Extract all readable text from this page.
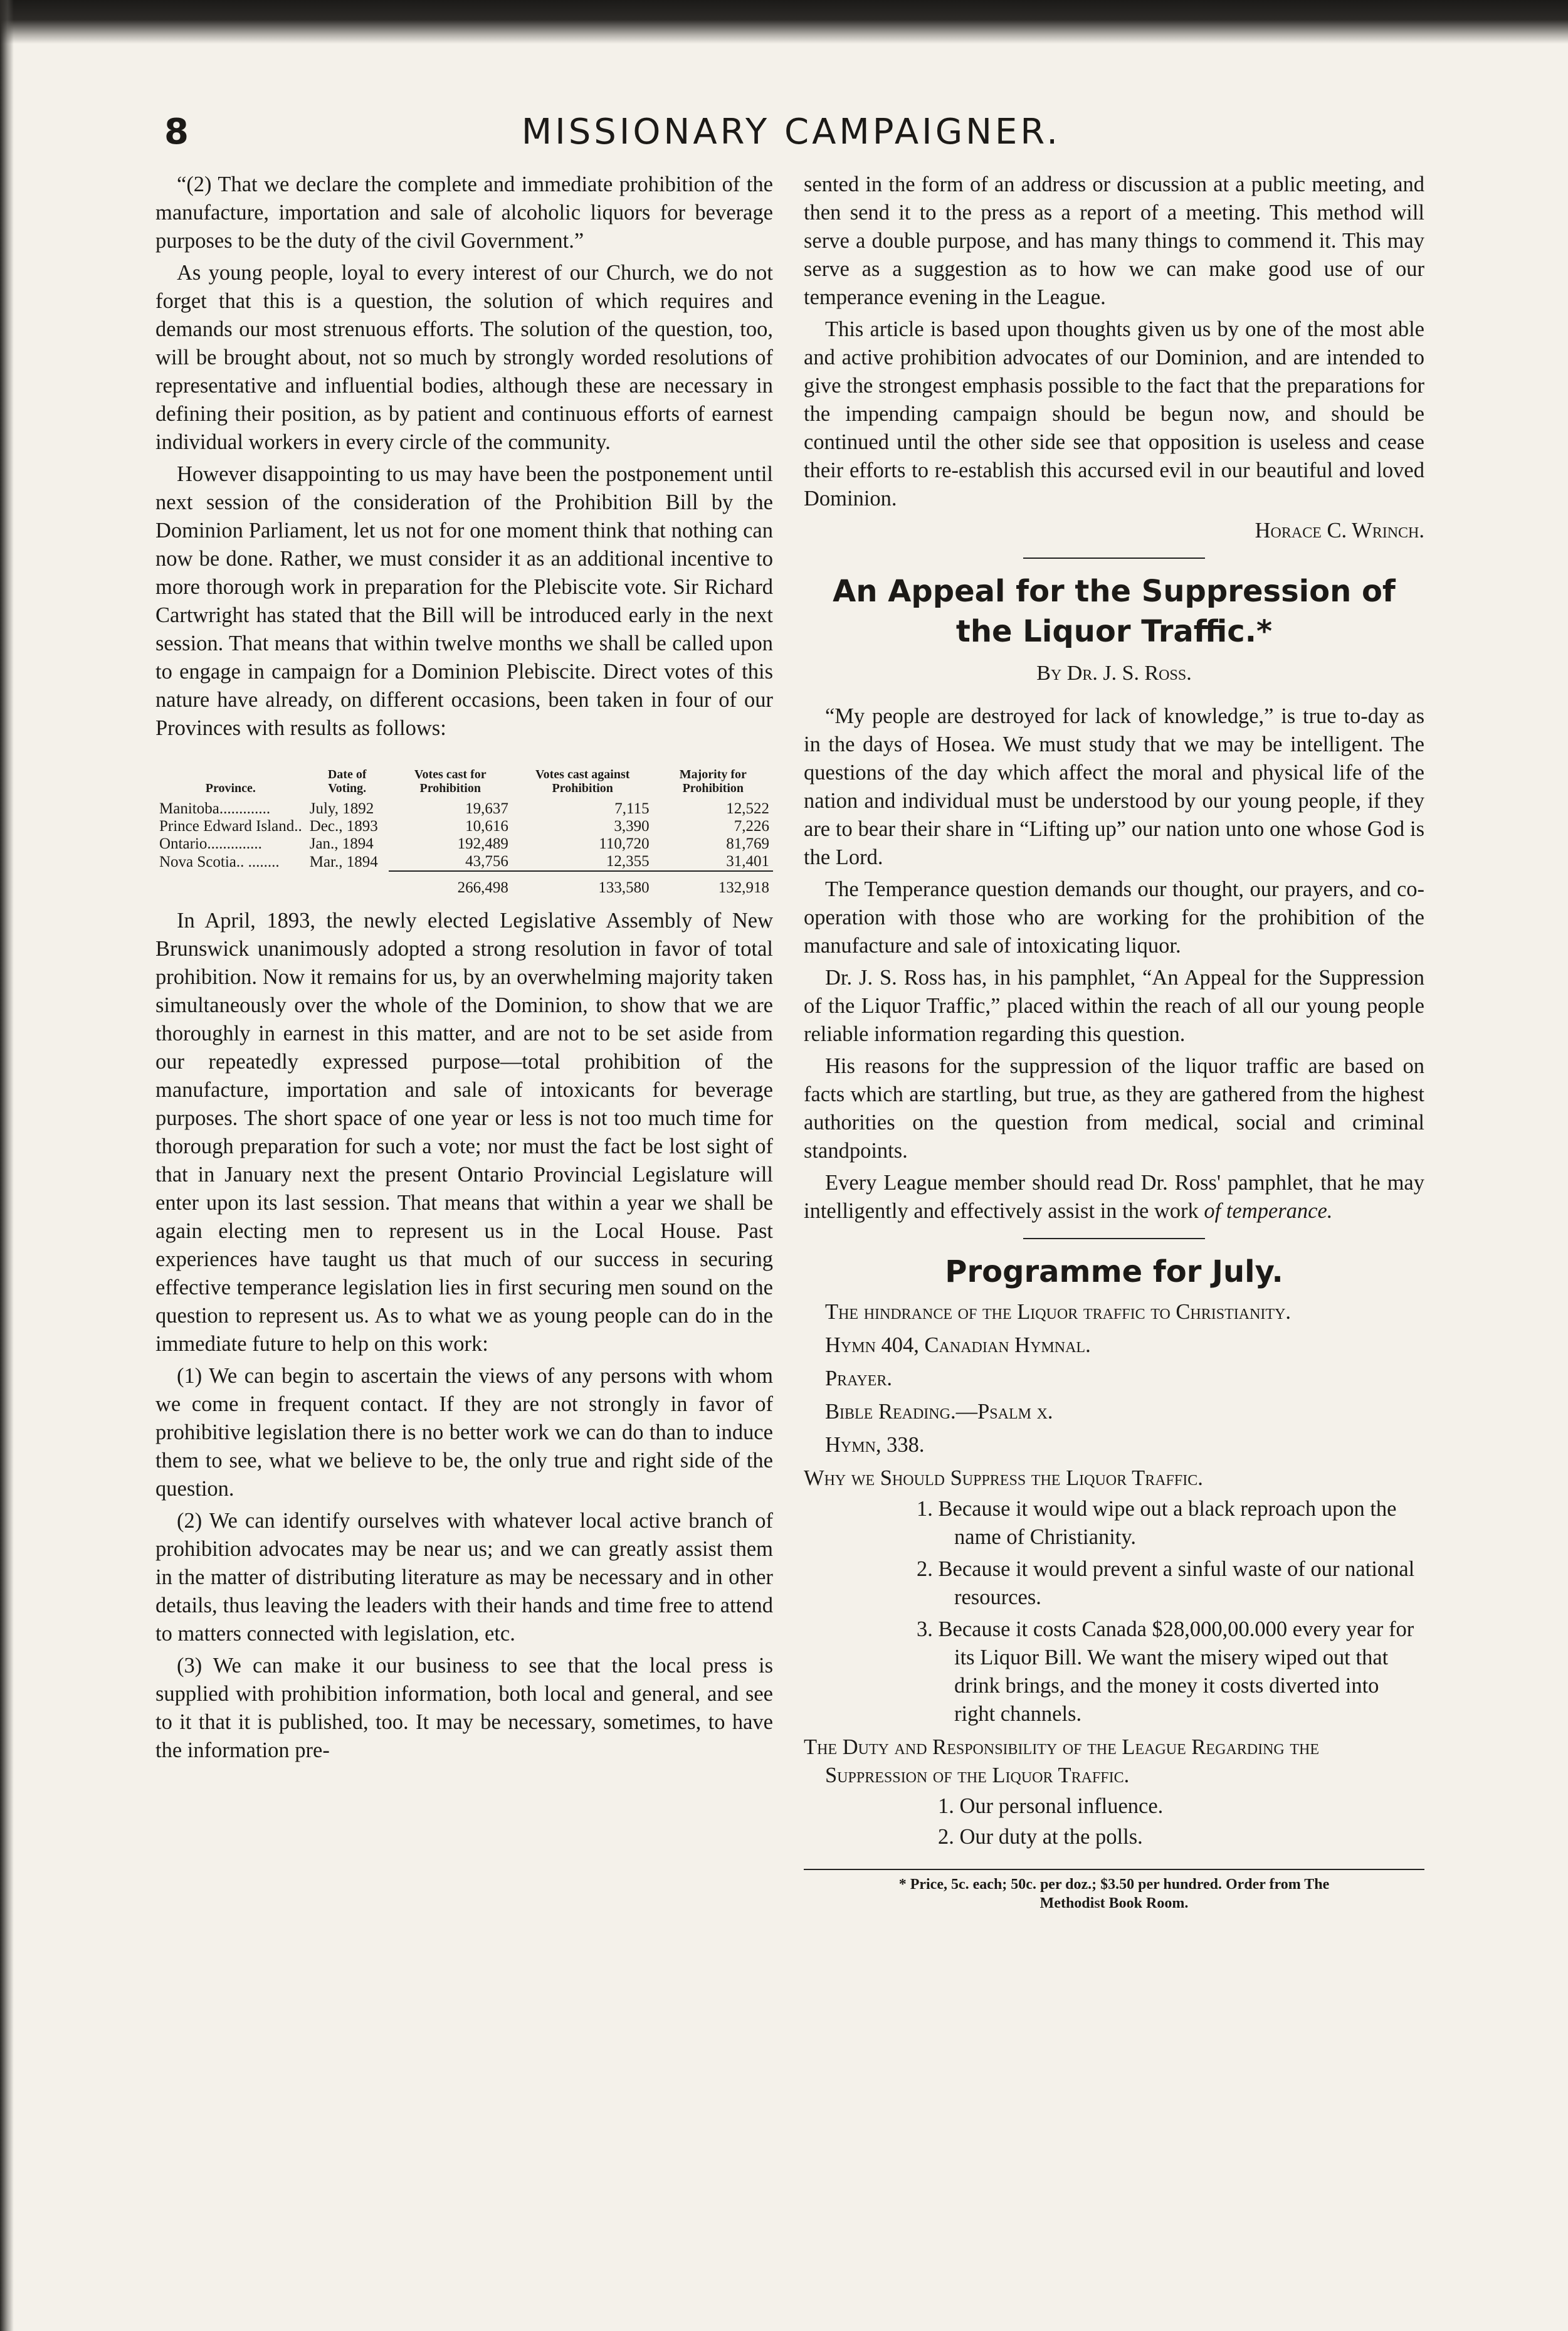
8	MISSIONARY CAMPAIGNER.

“(2) That we declare the complete and immediate prohibition of the manufacture, importation and sale of alcoholic liquors for beverage purposes to be the duty of the civil Government.”

As young people, loyal to every interest of our Church, we do not forget that this is a question, the solution of which requires and demands our most strenuous efforts. The solution of the question, too, will be brought about, not so much by strongly worded resolutions of representative and influential bodies, although these are necessary in defining their position, as by patient and continuous efforts of earnest individual workers in every circle of the community.

However disappointing to us may have been the postponement until next session of the consideration of the Prohibition Bill by the Dominion Parliament, let us not for one moment think that nothing can now be done. Rather, we must consider it as an additional incentive to more thorough work in preparation for the Plebiscite vote. Sir Richard Cartwright has stated that the Bill will be introduced early in the next session. That means that within twelve months we shall be called upon to engage in campaign for a Dominion Plebiscite. Direct votes of this nature have already, on different occasions, been taken in four of our Provinces with results as follows:

Province.	Date of Voting.	Votes cast for Prohibition	Votes cast against Prohibition	Majority for Prohibition
Manitoba.............	July, 1892	19,637	7,115	12,522
Prince Edward Island..	Dec., 1893	10,616	3,390	7,226
Ontario..............	Jan., 1894	192,489	110,720	81,769
Nova Scotia.. ........	Mar., 1894	43,756	12,355	31,401
		266,498	133,580	132,918

In April, 1893, the newly elected Legislative Assembly of New Brunswick unanimously adopted a strong resolution in favor of total prohibition. Now it remains for us, by an overwhelming majority taken simultaneously over the whole of the Dominion, to show that we are thoroughly in earnest in this matter, and are not to be set aside from our repeatedly expressed purpose—total prohibition of the manufacture, importation and sale of intoxicants for beverage purposes. The short space of one year or less is not too much time for thorough preparation for such a vote; nor must the fact be lost sight of that in January next the present Ontario Provincial Legislature will enter upon its last session. That means that within a year we shall be again electing men to represent us in the Local House. Past experiences have taught us that much of our success in securing effective temperance legislation lies in first securing men sound on the question to represent us. As to what we as young people can do in the immediate future to help on this work:

(1) We can begin to ascertain the views of any persons with whom we come in frequent contact. If they are not strongly in favor of prohibitive legislation there is no better work we can do than to induce them to see, what we believe to be, the only true and right side of the question.

(2) We can identify ourselves with whatever local active branch of prohibition advocates may be near us; and we can greatly assist them in the matter of distributing literature as may be necessary and in other details, thus leaving the leaders with their hands and time free to attend to matters connected with legislation, etc.

(3) We can make it our business to see that the local press is supplied with prohibition information, both local and general, and see to it that it is published, too. It may be necessary, sometimes, to have the information pre-

sented in the form of an address or discussion at a public meeting, and then send it to the press as a report of a meeting. This method will serve a double purpose, and has many things to commend it. This may serve as a suggestion as to how we can make good use of our temperance evening in the League.

This article is based upon thoughts given us by one of the most able and active prohibition advocates of our Dominion, and are intended to give the strongest emphasis possible to the fact that the preparations for the impending campaign should be begun now, and should be continued until the other side see that opposition is useless and cease their efforts to re-establish this accursed evil in our beautiful and loved Dominion.

Horace C. Wrinch.
An Appeal for the Suppression of
the Liquor Traffic.*
By Dr. J. S. Ross.

“My people are destroyed for lack of knowledge,” is true to-day as in the days of Hosea. We must study that we may be intelligent. The questions of the day which affect the moral and physical life of the nation and individual must be understood by our young people, if they are to bear their share in “Lifting up” our nation unto one whose God is the Lord.

The Temperance question demands our thought, our prayers, and co-operation with those who are working for the prohibition of the manufacture and sale of intoxicating liquor.

Dr. J. S. Ross has, in his pamphlet, “An Appeal for the Suppression of the Liquor Traffic,” placed within the reach of all our young people reliable information regarding this question.

His reasons for the suppression of the liquor traffic are based on facts which are startling, but true, as they are gathered from the highest authorities on the question from medical, social and criminal standpoints.

Every League member should read Dr. Ross' pamphlet, that he may intelligently and effectively assist in the work of temperance.

Programme for July.

The hindrance of the Liquor traffic to Christianity.

Hymn 404, Canadian Hymnal.

Prayer.

Bible Reading.—Psalm x.

Hymn, 338.

Why we Should Suppress the Liquor Traffic.

1. Because it would wipe out a black reproach upon the name of Christianity.

2. Because it would prevent a sinful waste of our national resources.

3. Because it costs Canada $28,000,00.000 every year for its Liquor Bill. We want the misery wiped out that drink brings, and the money it costs diverted into right channels.

The Duty and Responsibility of the League Regarding the Suppression of the Liquor Traffic.

1. Our personal influence.

2. Our duty at the polls.

* Price, 5c. each; 50c. per doz.; $3.50 per hundred. Order from The
Methodist Book Room.
